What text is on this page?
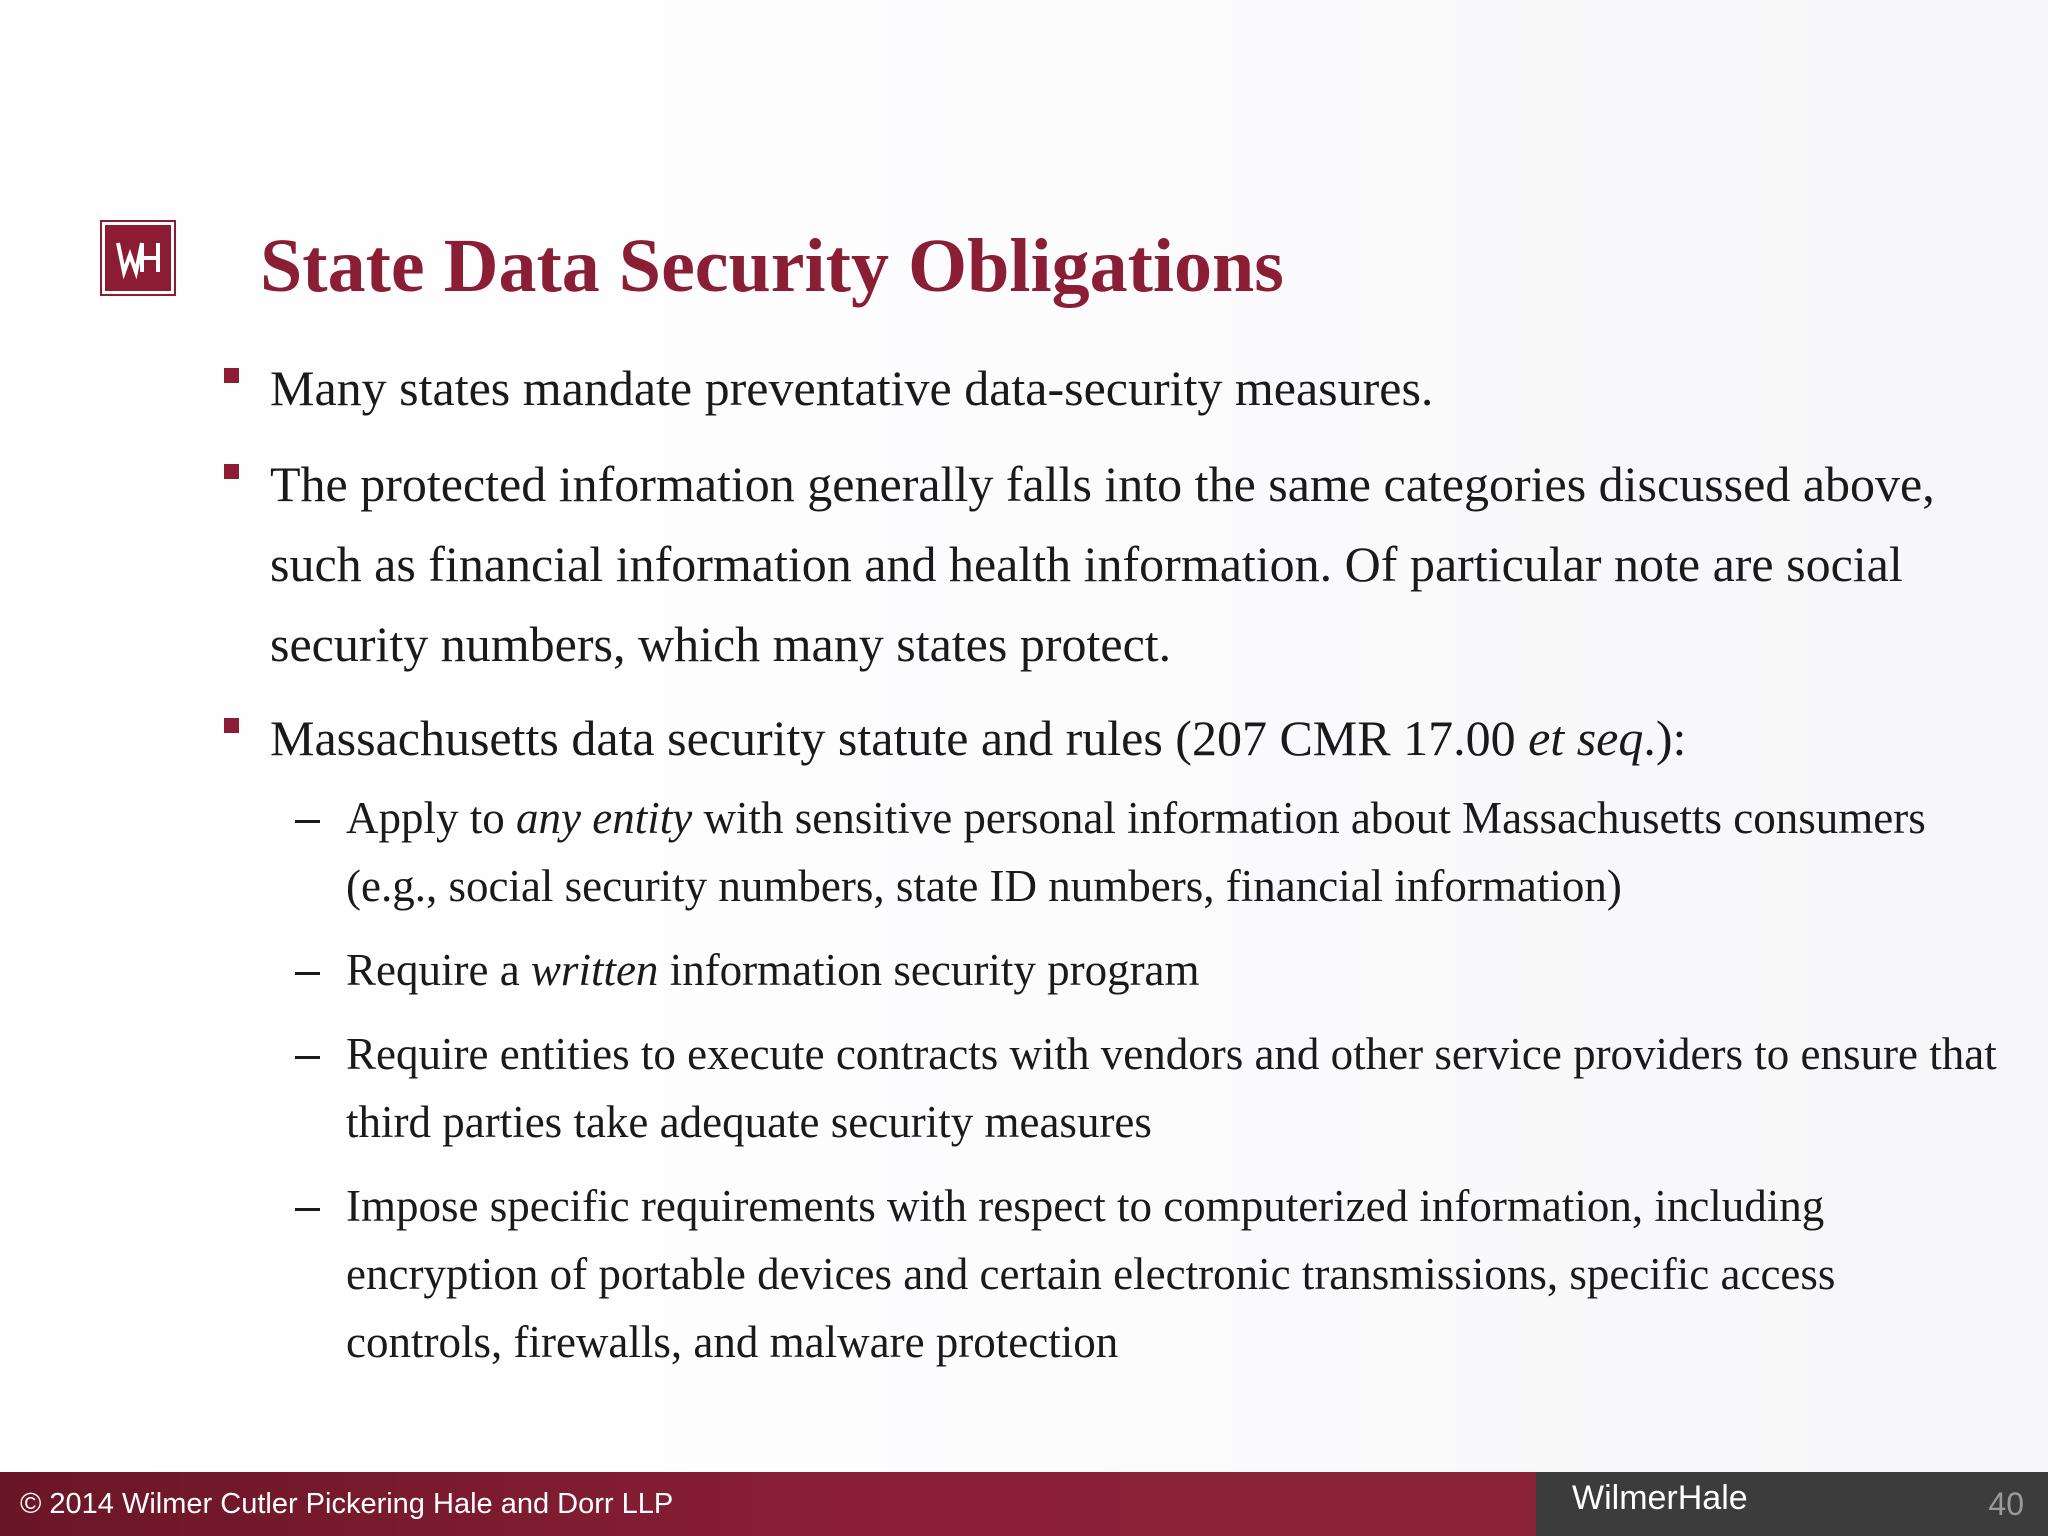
State Data Security Obligations
Many states mandate preventative data-security measures.
The protected information generally falls into the same categories discussed above, such as financial information and health information. Of particular note are social security numbers, which many states protect.
Massachusetts data security statute and rules (207 CMR 17.00 et seq.):
– Apply to any entity with sensitive personal information about Massachusetts consumers (e.g., social security numbers, state ID numbers, financial information)
– Require a written information security program
– Require entities to execute contracts with vendors and other service providers to ensure that third parties take adequate security measures
– Impose specific requirements with respect to computerized information, including encryption of portable devices and certain electronic transmissions, specific access controls, firewalls, and malware protection
© 2014 Wilmer Cutler Pickering Hale and Dorr LLP	WilmerHale	40
